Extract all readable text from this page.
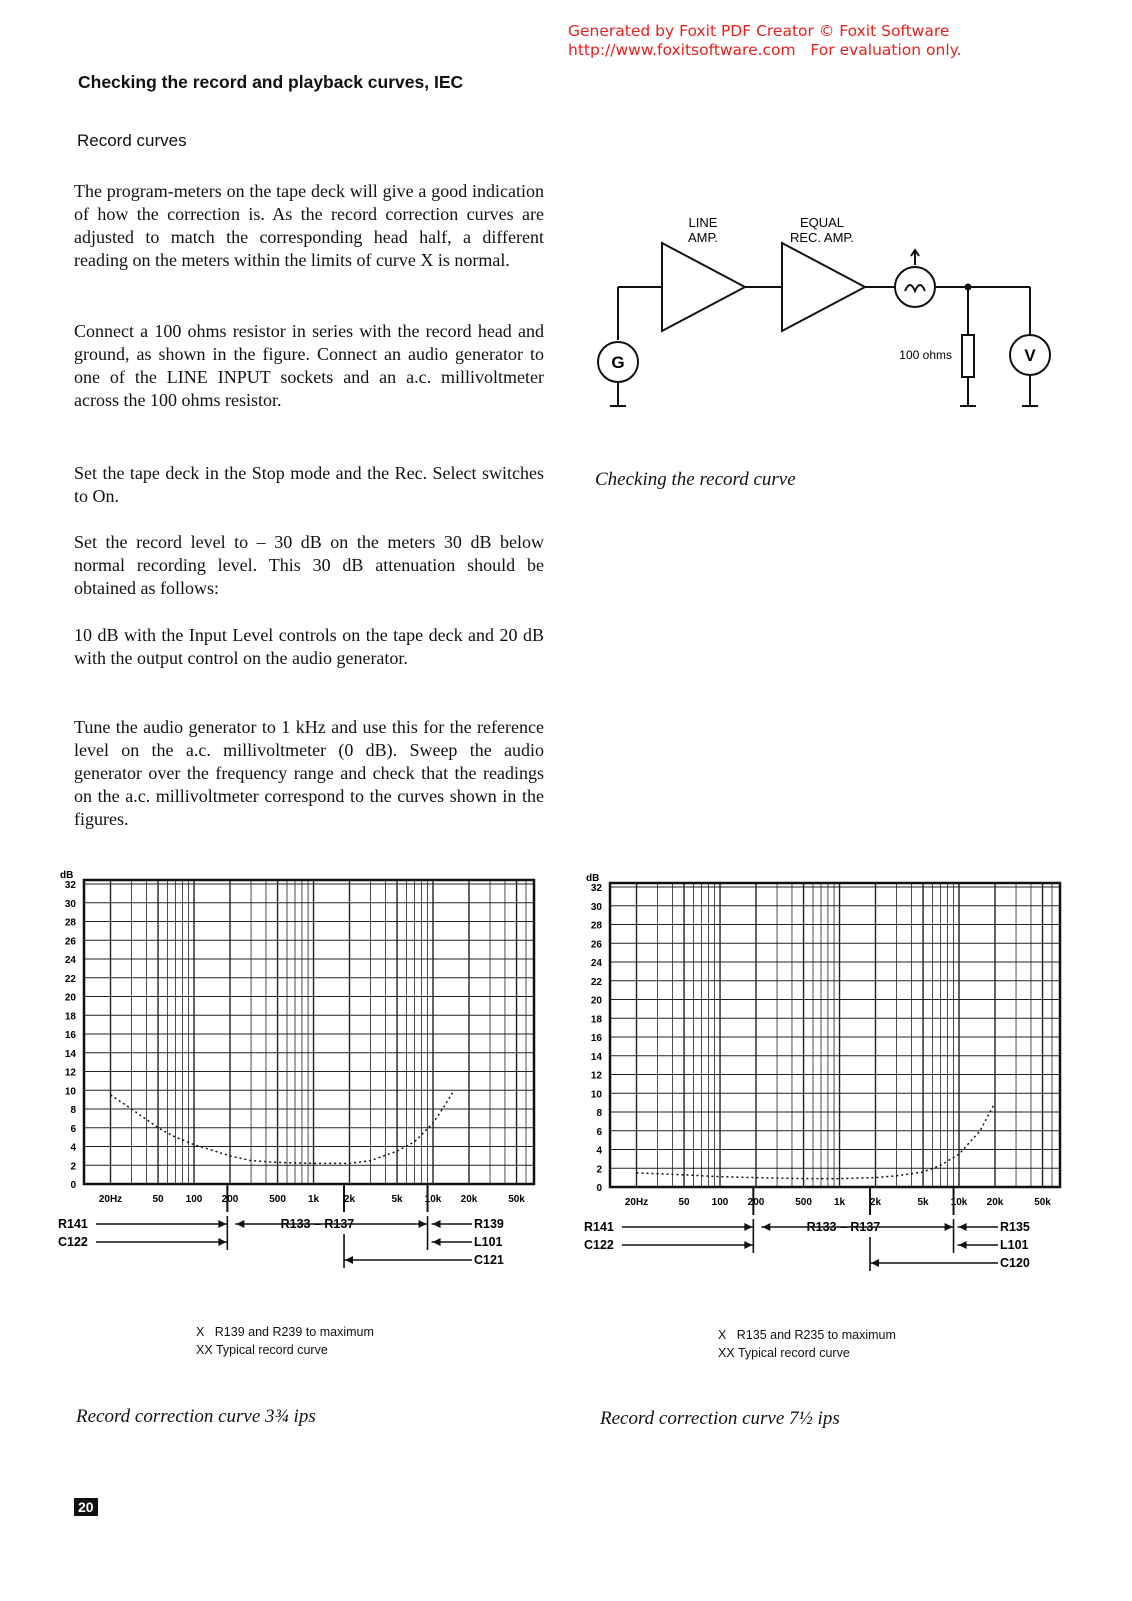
Generated by Foxit PDF Creator © Foxit Software
http://www.foxitsoftware.com For evaluation only.
Checking the record and playback curves, IEC
Record curves
The program-meters on the tape deck will give a good indication of how the correction is. As the record correction curves are adjusted to match the corresponding head half, a different reading on the meters within the limits of curve X is normal.
Connect a 100 ohms resistor in series with the record head and ground, as shown in the figure. Connect an audio generator to one of the LINE INPUT sockets and an a.c. millivoltmeter across the 100 ohms resistor.
Set the tape deck in the Stop mode and the Rec. Select switches to On.
Set the record level to – 30 dB on the meters 30 dB below normal recording level. This 30 dB attenuation should be obtained as follows:
10 dB with the Input Level controls on the tape deck and 20 dB with the output control on the audio generator.
Tune the audio generator to 1 kHz and use this for the reference level on the a.c. millivoltmeter (0 dB). Sweep the audio generator over the frequency range and check that the readings on the a.c. millivoltmeter correspond to the curves shown in the figures.
LINE
AMP.
EQUAL
REC. AMP.
G	V
100 ohms
Checking the record curve
dB
32
30
28
26
24
22
20
18
16
14
12
10
8
6
4
2
0
20Hz	50 100 200	500 1k 2k	5k 10k 20k	50k
R141
C122
R133 – R137	R139
L101
C121
X R139 and R239 to maximum
XX Typical record curve
Record correction curve 3¾ ips
dB
32
30
28
26
24
22
20
18
16
14
12
10
8
6
4
2
0
20Hz	50 100 200	500 1k 2k	5k 10k 20k	50k
R141
C122
R133 – R137	R135
L101
C120
X R135 and R235 to maximum
XX Typical record curve
Record correction curve 7½ ips
20
